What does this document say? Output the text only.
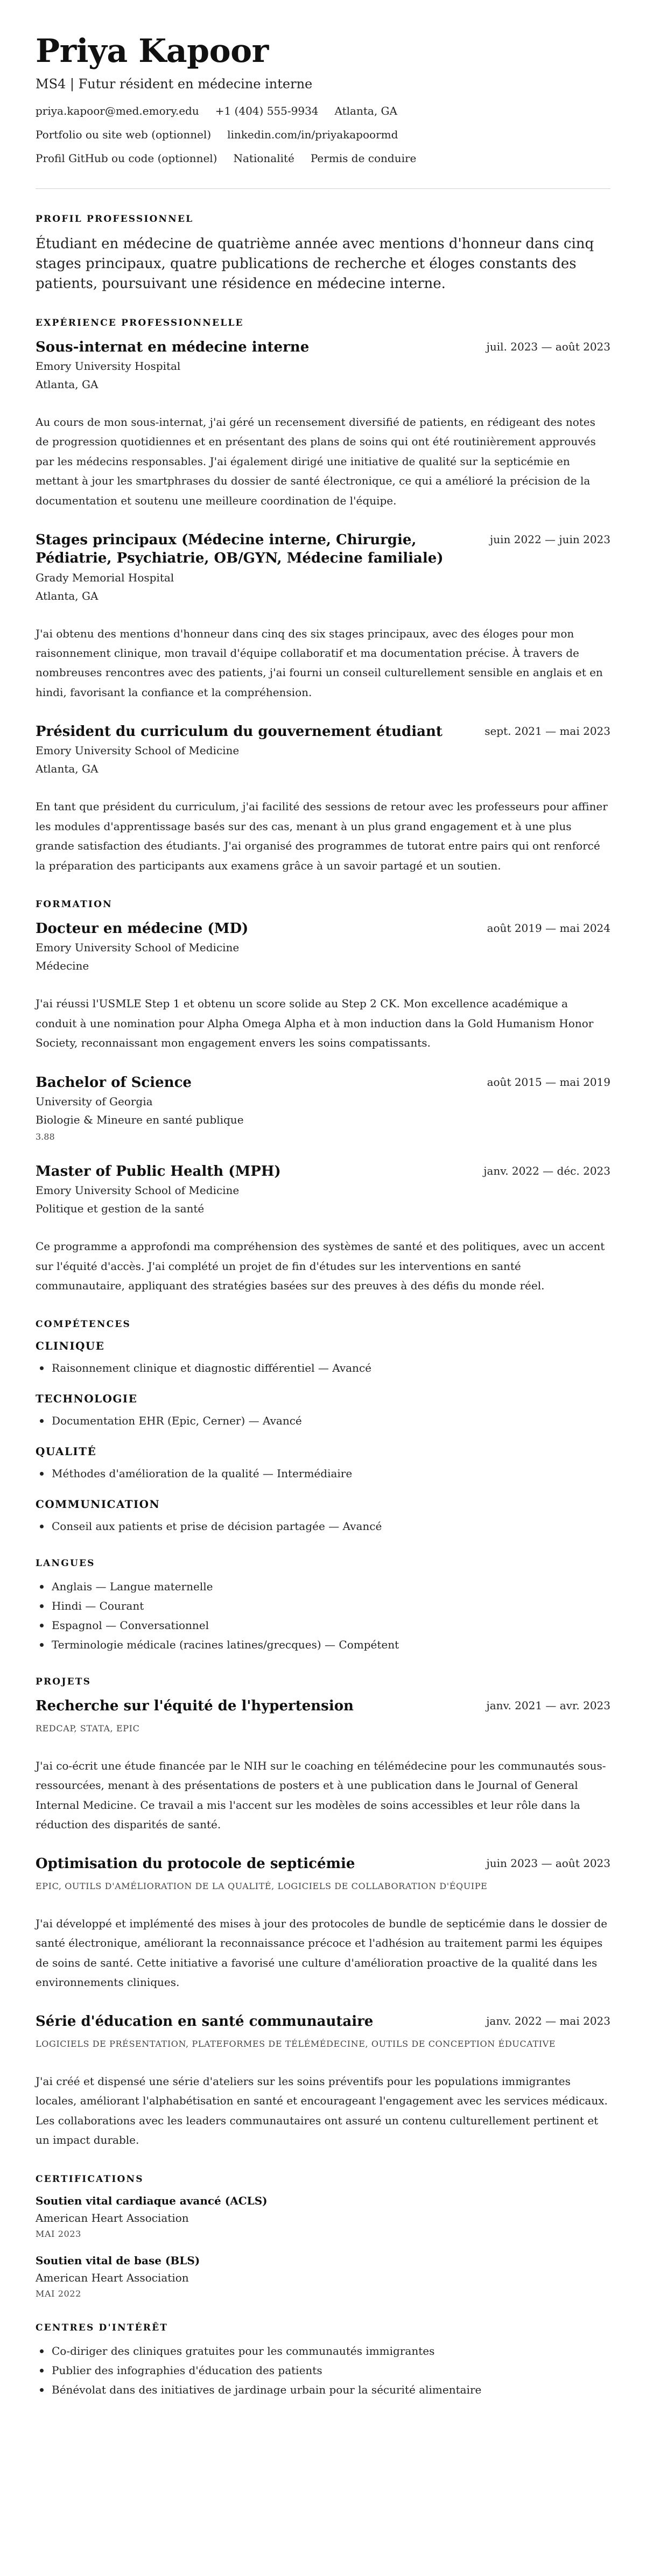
Priya Kapoor
MS4 | Futur résident en médecine interne
priya.kapoor@med.emory.edu +1 (404) 555-9934 Atlanta, GA
Portfolio ou site web (optionnel) linkedin.com/in/priyakapoormd
Profil GitHub ou code (optionnel) Nationalité Permis de conduire
PROFIL PROFESSIONNEL

Étudiant en médecine de quatrième année avec mentions d'honneur dans cinq stages principaux, quatre publications de recherche et éloges constants des patients, poursuivant une résidence en médecine interne.

EXPÉRIENCE PROFESSIONNELLE
Sous-internat en médecine interne	juil. 2023 — août 2023
Emory University Hospital
Atlanta, GA

Au cours de mon sous-internat, j'ai géré un recensement diversifié de patients, en rédigeant des notes de progression quotidiennes et en présentant des plans de soins qui ont été routinièrement approuvés par les médecins responsables. J'ai également dirigé une initiative de qualité sur la septicémie en mettant à jour les smartphrases du dossier de santé électronique, ce qui a amélioré la précision de la documentation et soutenu une meilleure coordination de l'équipe.

Stages principaux (Médecine interne, Chirurgie, Pédiatrie, Psychiatrie, OB/GYN, Médecine familiale)
juin 2022 — juin 2023
Grady Memorial Hospital
Atlanta, GA

J'ai obtenu des mentions d'honneur dans cinq des six stages principaux, avec des éloges pour mon raisonnement clinique, mon travail d'équipe collaboratif et ma documentation précise. À travers de nombreuses rencontres avec des patients, j'ai fourni un conseil culturellement sensible en anglais et en hindi, favorisant la confiance et la compréhension.

Président du curriculum du gouvernement étudiant	sept. 2021 — mai 2023
Emory University School of Medicine
Atlanta, GA

En tant que président du curriculum, j'ai facilité des sessions de retour avec les professeurs pour affiner les modules d'apprentissage basés sur des cas, menant à un plus grand engagement et à une plus grande satisfaction des étudiants. J'ai organisé des programmes de tutorat entre pairs qui ont renforcé la préparation des participants aux examens grâce à un savoir partagé et un soutien.

FORMATION
Docteur en médecine (MD)	août 2019 — mai 2024
Emory University School of Medicine
Médecine

J'ai réussi l'USMLE Step 1 et obtenu un score solide au Step 2 CK. Mon excellence académique a conduit à une nomination pour Alpha Omega Alpha et à mon induction dans la Gold Humanism Honor Society, reconnaissant mon engagement envers les soins compatissants.

Bachelor of Science	août 2015 — mai 2019
University of Georgia
Biologie & Mineure en santé publique
3.88
Master of Public Health (MPH)	janv. 2022 — déc. 2023
Emory University School of Medicine
Politique et gestion de la santé

Ce programme a approfondi ma compréhension des systèmes de santé et des politiques, avec un accent sur l'équité d'accès. J'ai complété un projet de fin d'études sur les interventions en santé communautaire, appliquant des stratégies basées sur des preuves à des défis du monde réel.

COMPÉTENCES
CLINIQUE
Raisonnement clinique et diagnostic différentiel — Avancé
TECHNOLOGIE
Documentation EHR (Epic, Cerner) — Avancé
QUALITÉ
Méthodes d'amélioration de la qualité — Intermédiaire
COMMUNICATION
Conseil aux patients et prise de décision partagée — Avancé
LANGUES
Anglais — Langue maternelle
Hindi — Courant
Espagnol — Conversationnel
Terminologie médicale (racines latines/grecques) — Compétent
PROJETS
Recherche sur l'équité de l'hypertension	janv. 2021 — avr. 2023
REDCAP, STATA, EPIC

J'ai co-écrit une étude financée par le NIH sur le coaching en télémédecine pour les communautés sous-ressourcées, menant à des présentations de posters et à une publication dans le Journal of General Internal Medicine. Ce travail a mis l'accent sur les modèles de soins accessibles et leur rôle dans la réduction des disparités de santé.

Optimisation du protocole de septicémie	juin 2023 — août 2023
EPIC, OUTILS D'AMÉLIORATION DE LA QUALITÉ, LOGICIELS DE COLLABORATION D'ÉQUIPE

J'ai développé et implémenté des mises à jour des protocoles de bundle de septicémie dans le dossier de santé électronique, améliorant la reconnaissance précoce et l'adhésion au traitement parmi les équipes de soins de santé. Cette initiative a favorisé une culture d'amélioration proactive de la qualité dans les environnements cliniques.

Série d'éducation en santé communautaire	janv. 2022 — mai 2023
LOGICIELS DE PRÉSENTATION, PLATEFORMES DE TÉLÉMÉDECINE, OUTILS DE CONCEPTION ÉDUCATIVE

J'ai créé et dispensé une série d'ateliers sur les soins préventifs pour les populations immigrantes locales, améliorant l'alphabétisation en santé et encourageant l'engagement avec les services médicaux. Les collaborations avec les leaders communautaires ont assuré un contenu culturellement pertinent et un impact durable.

CERTIFICATIONS
Soutien vital cardiaque avancé (ACLS)
American Heart Association
MAI 2023
Soutien vital de base (BLS)
American Heart Association
MAI 2022
CENTRES D'INTÉRÊT
Co-diriger des cliniques gratuites pour les communautés immigrantes
Publier des infographies d'éducation des patients
Bénévolat dans des initiatives de jardinage urbain pour la sécurité alimentaire
